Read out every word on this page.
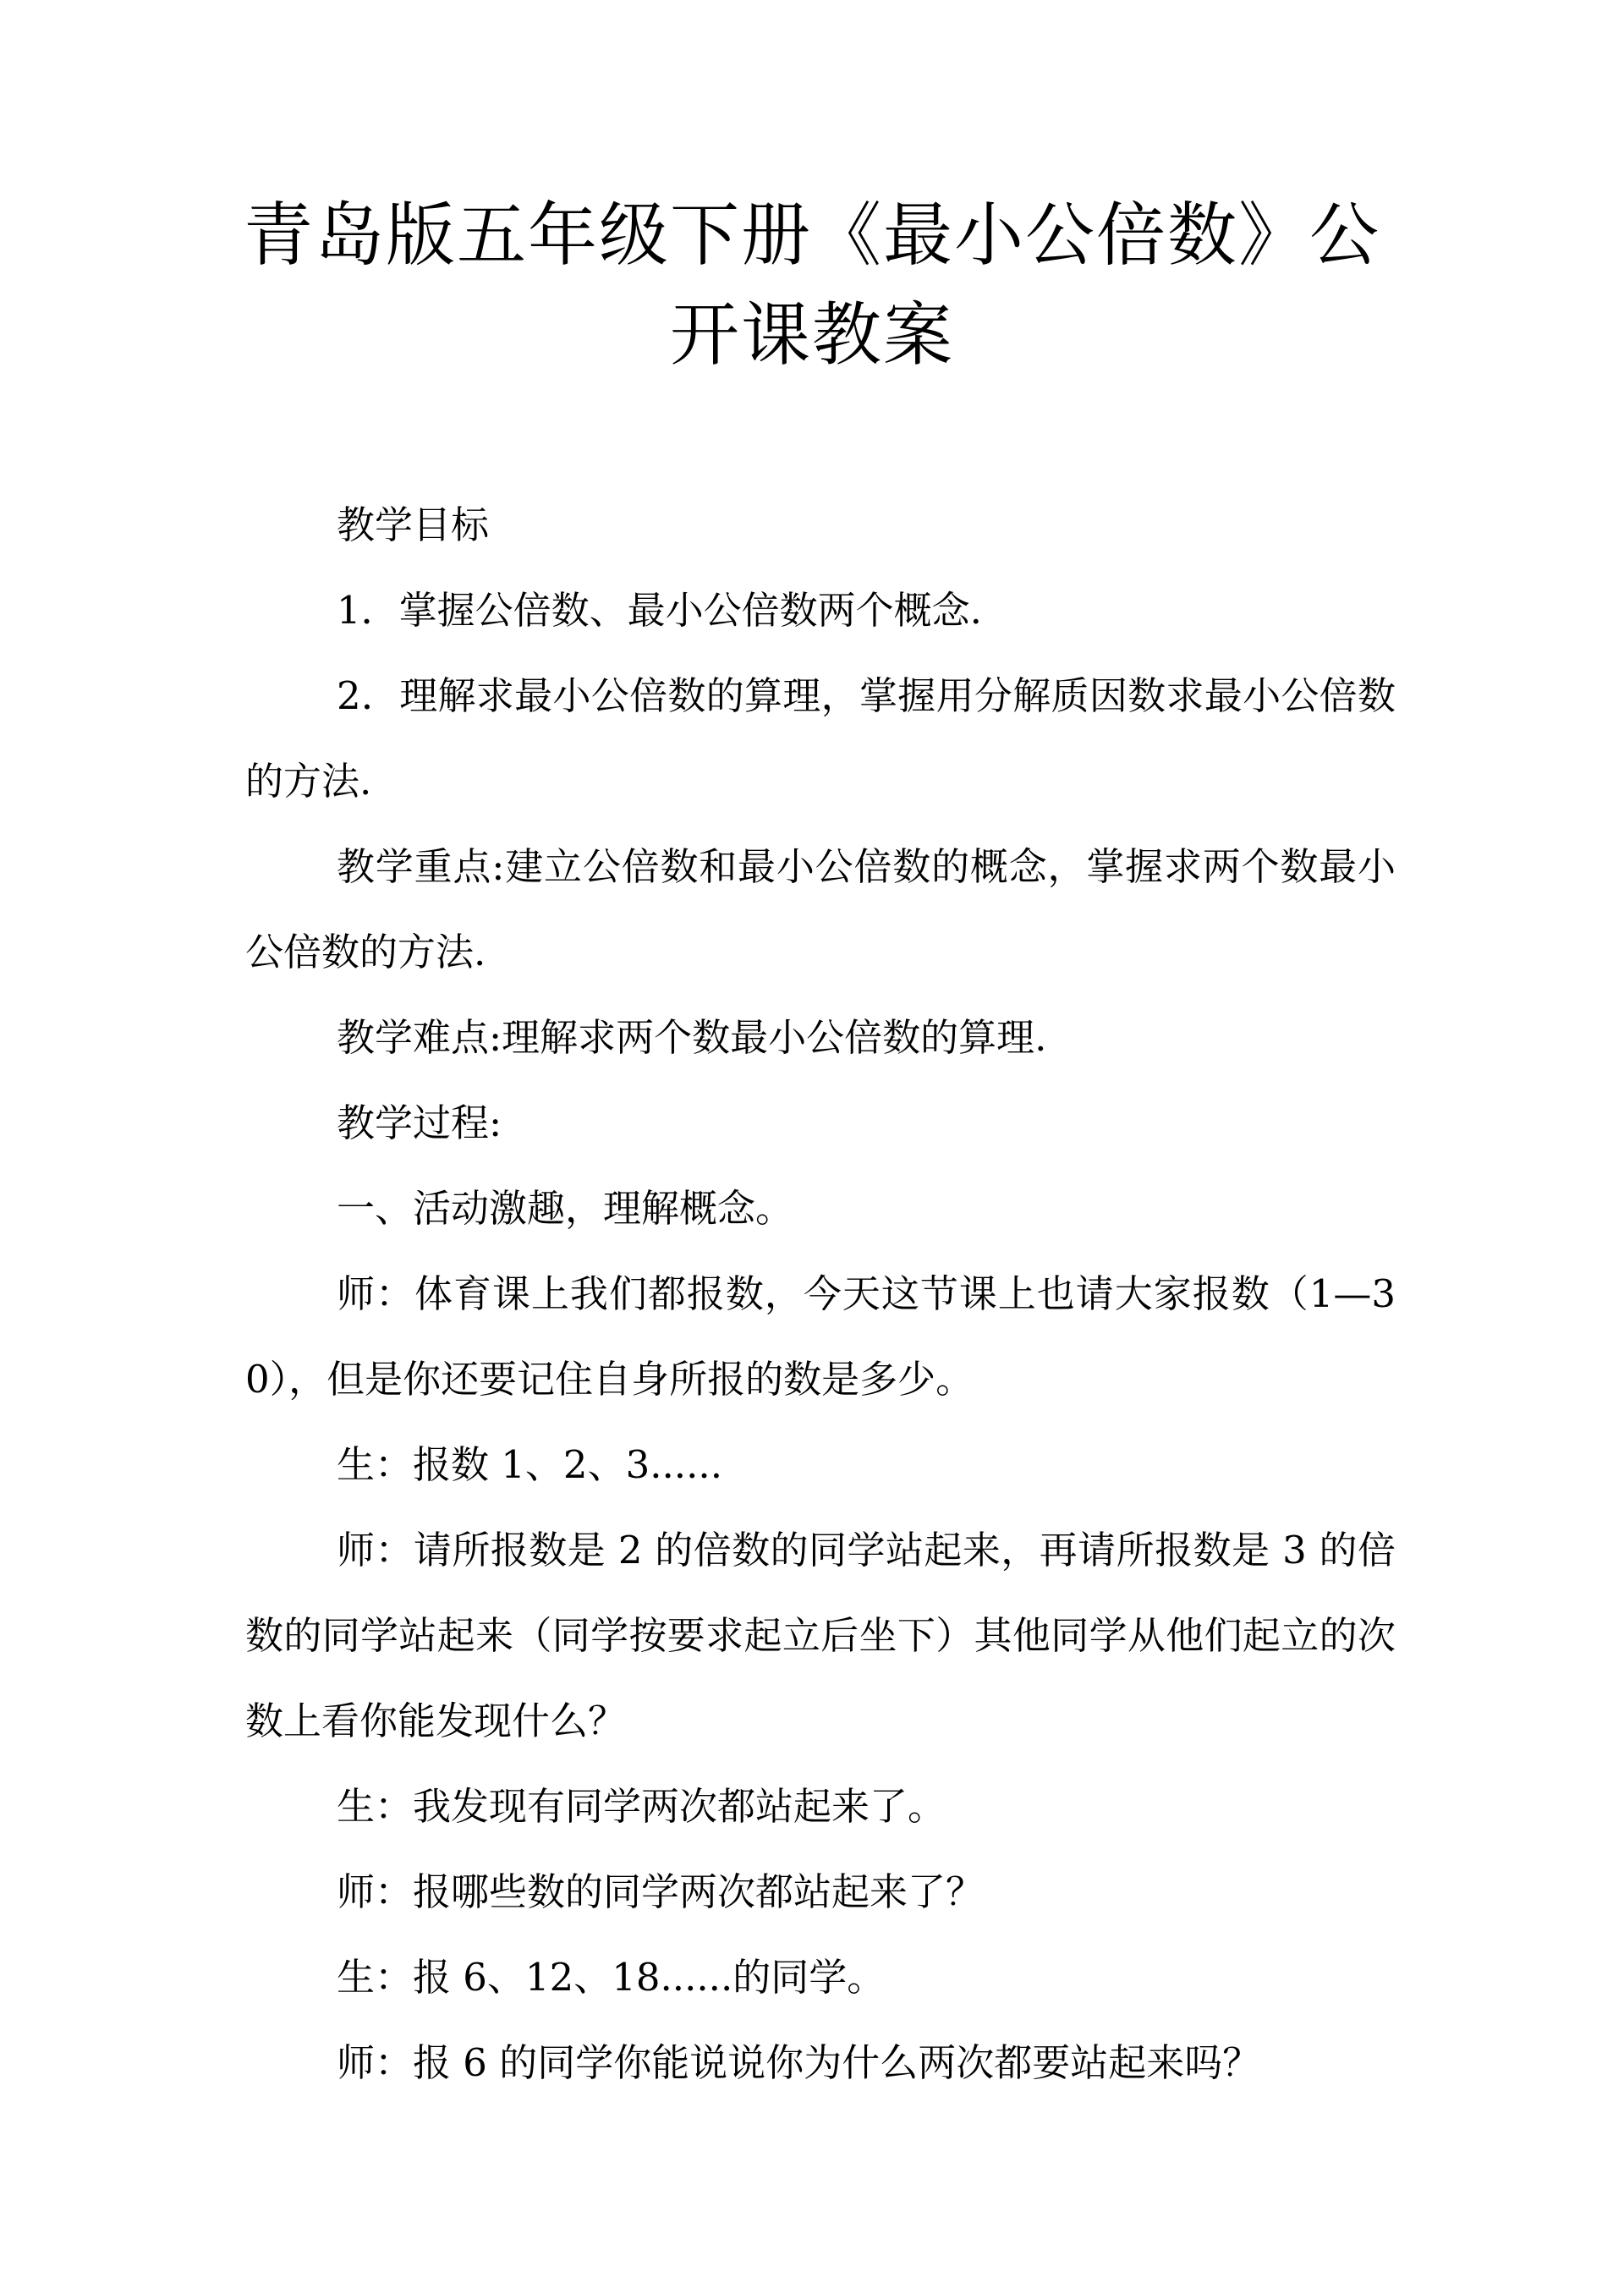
青岛版五年级下册《最小公倍数》公开课教案

教学目标

1．掌握公倍数、最小公倍数两个概念.

2．理解求最小公倍数的算理，掌握用分解质因数求最小公倍数的方法.

教学重点:建立公倍数和最小公倍数的概念，掌握求两个数最小公倍数的方法.

教学难点:理解求两个数最小公倍数的算理.

教学过程:

一、活动激趣，理解概念。

师：体育课上我们都报数，今天这节课上也请大家报数（1—30），但是你还要记住自身所报的数是多少。

生：报数 1、2、3......

师：请所报数是 2 的倍数的同学站起来，再请所报数是 3 的倍数的同学站起来（同学按要求起立后坐下）其他同学从他们起立的次数上看你能发现什么？

生：我发现有同学两次都站起来了。

师：报哪些数的同学两次都站起来了？

生：报 6、12、18......的同学。

师：报 6 的同学你能说说你为什么两次都要站起来吗？
